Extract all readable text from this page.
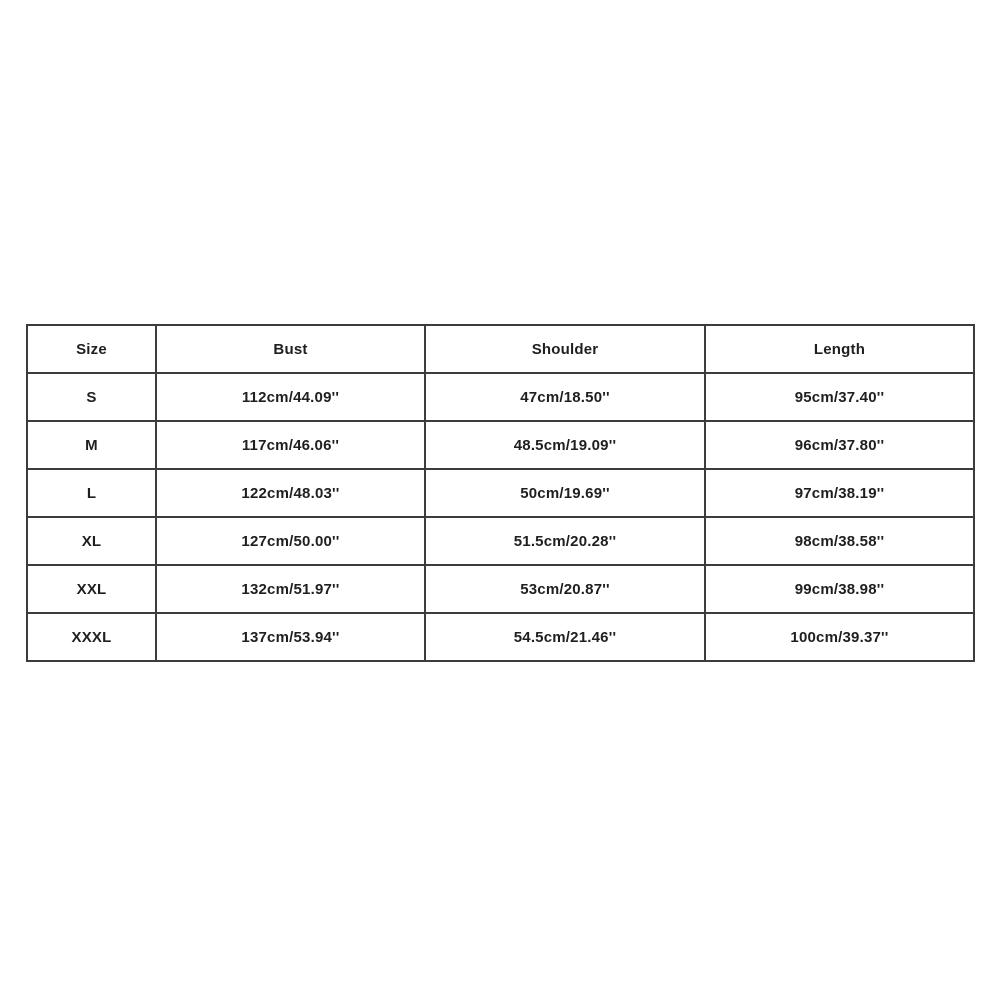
Size	Bust	Shoulder	Length
S	112cm/44.09''	47cm/18.50''	95cm/37.40''
M	117cm/46.06''	48.5cm/19.09''	96cm/37.80''
L	122cm/48.03''	50cm/19.69''	97cm/38.19''
XL	127cm/50.00''	51.5cm/20.28''	98cm/38.58''
XXL	132cm/51.97''	53cm/20.87''	99cm/38.98''
XXXL	137cm/53.94''	54.5cm/21.46''	100cm/39.37''
